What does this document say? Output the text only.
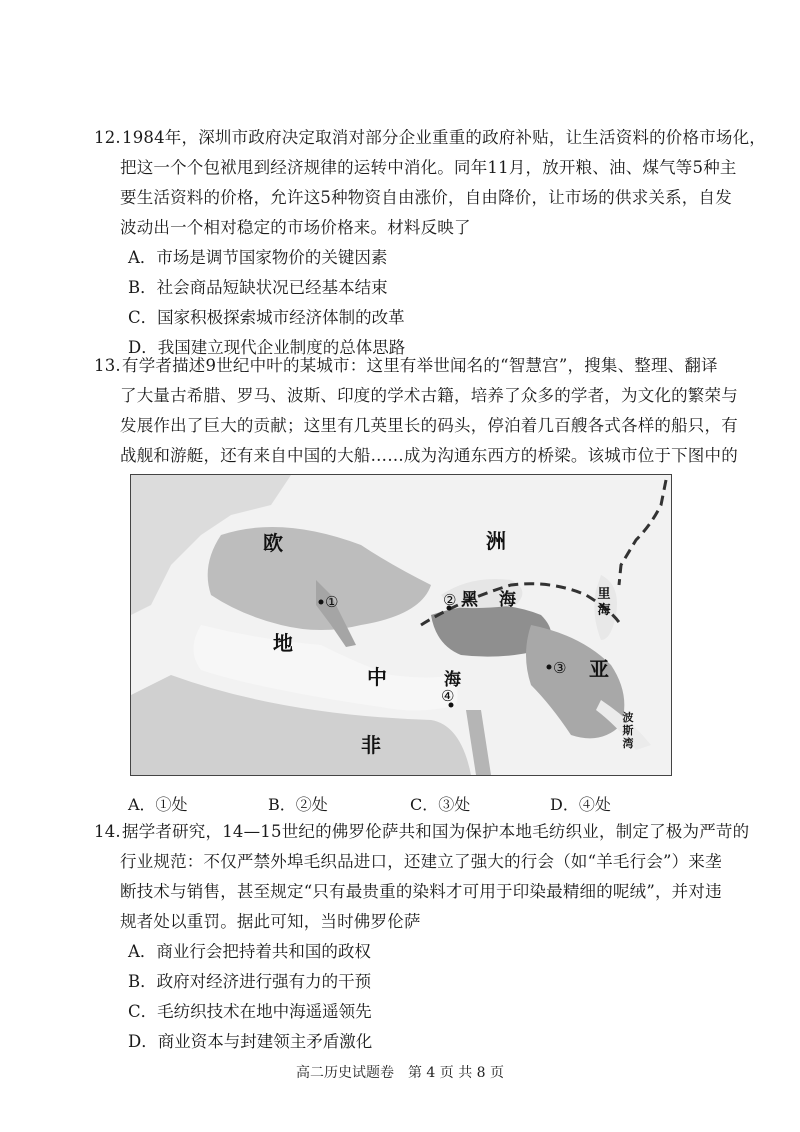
12.1984年，深圳市政府决定取消对部分企业重重的政府补贴，让生活资料的价格市场化，
把这一个个包袱甩到经济规律的运转中消化。同年11月，放开粮、油、煤气等5种主
要生活资料的价格，允许这5种物资自由涨价，自由降价，让市场的供求关系，自发
波动出一个相对稳定的市场价格来。材料反映了
A．市场是调节国家物价的关键因素
B．社会商品短缺状况已经基本结束
C．国家积极探索城市经济体制的改革
D．我国建立现代企业制度的总体思路
13.有学者描述9世纪中叶的某城市：这里有举世闻名的“智慧宫”，搜集、整理、翻译
了大量古希腊、罗马、波斯、印度的学术古籍，培养了众多的学者，为文化的繁荣与
发展作出了巨大的贡献；这里有几英里长的码头，停泊着几百艘各式各样的船只，有
战舰和游艇，还有来自中国的大船……成为沟通东西方的桥梁。该城市位于下图中的
欧	洲
黑 海	里海
地
中	海	亚
非
波斯湾
①	②
③
④
A．①处	B．②处	C．③处	D．④处
14.据学者研究，14—15世纪的佛罗伦萨共和国为保护本地毛纺织业，制定了极为严苛的
行业规范：不仅严禁外埠毛织品进口，还建立了强大的行会（如“羊毛行会”）来垄
断技术与销售，甚至规定“只有最贵重的染料才可用于印染最精细的呢绒”，并对违
规者处以重罚。据此可知，当时佛罗伦萨
A．商业行会把持着共和国的政权
B．政府对经济进行强有力的干预
C．毛纺织技术在地中海遥遥领先
D．商业资本与封建领主矛盾激化
高二历史试题卷　第 4 页 共 8 页
